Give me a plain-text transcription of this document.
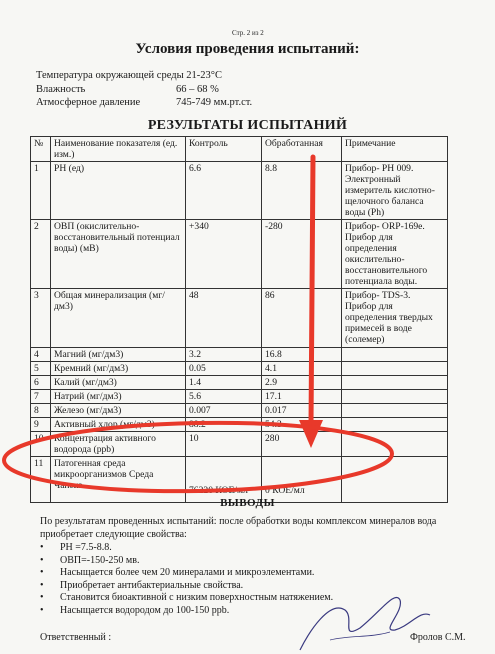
Стр. 2 из 2
Условия проведения испытаний:
Температура окружающей среды 21-23°С
Влажность	66 – 68 %
Атмосферное давление	745-749 мм.рт.ст.
РЕЗУЛЬТАТЫ ИСПЫТАНИЙ
№	Наименование показателя (ед. изм.)	Контроль	Обработанная	Примечание
1	PH (ед)	6.6	8.8	Прибор- PH 009. Электронный измеритель кислотно-щелочного баланса воды (Ph)
2	ОВП (окислительно-восстановительный потенциал воды) (мВ)	+340	-280	Прибор- ORP-169e. Прибор для определения окислительно-восстановительного потенциала воды.
3	Общая минерализация (мг/дм3)	48	86	Прибор- TDS-3. Прибор для определения твердых примесей в воде (солемер)
4	Магний (мг/дм3)	3.2	16.8	
5	Кремний (мг/дм3)	0.05	4.1	
6	Калий (мг/дм3)	1.4	2.9	
7	Натрий (мг/дм3)	5.6	17.1	
8	Железо (мг/дм3)	0.007	0.017	
9	Активный хлор (мг/дм3)	88.2	54.3	
10	Концентрация активного водорода (ppb)	10	280	
11	Патогенная среда микроорганизмов Среда Чапека	76220 КОЕ/мл	0 КОЕ/мл	
ВЫВОДЫ
По результатам проведенных испытаний: после обработки воды комплексом минералов вода приобретает следующие свойства:
• PH =7.5-8.8.
• ОВП=-150-250 мв.
• Насыщается более чем 20 минералами и микроэлементами.
• Приобретает антибактериальные свойства.
• Становится биоактивной с низким поверхностным натяжением.
• Насыщается водородом до 100-150 ppb.
Ответственный :	Фролов С.М.
